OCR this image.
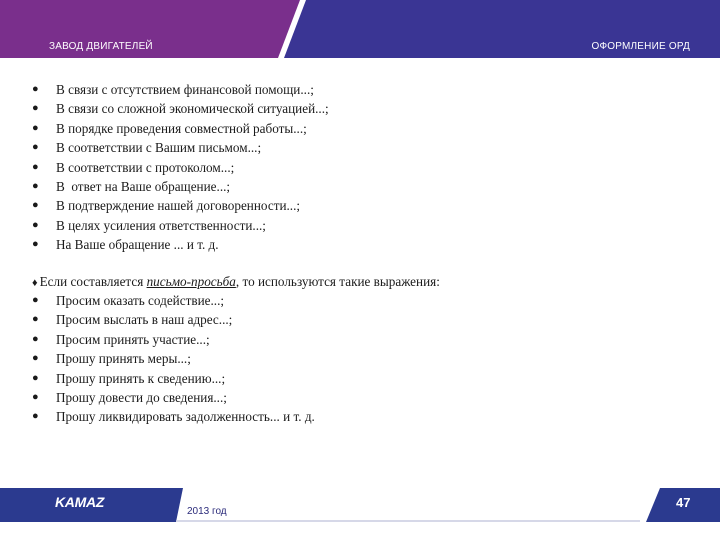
ЗАВОД ДВИГАТЕЛЕЙ	ОФОРМЛЕНИЕ ОРД
● В связи с отсутствием финансовой помощи...;
● В связи со сложной экономической ситуацией...;
● В порядке проведения совместной работы...;
● В соответствии с Вашим письмом...;
● В соответствии с протоколом...;
● В  ответ на Ваше обращение...;
● В подтверждение нашей договоренности...;
● В целях усиления ответственности...;
● На Ваше обращение ... и т. д.
♦ Если составляется письмо-просьба, то используются такие выражения:
● Просим оказать содействие...;
● Просим выслать в наш адрес...;
● Просим принять участие...;
● Прошу принять меры...;
● Прошу принять к сведению...;
● Прошу довести до сведения...;
● Прошу ликвидировать задолженность... и т. д.
KAMAZ
2013 год
47
